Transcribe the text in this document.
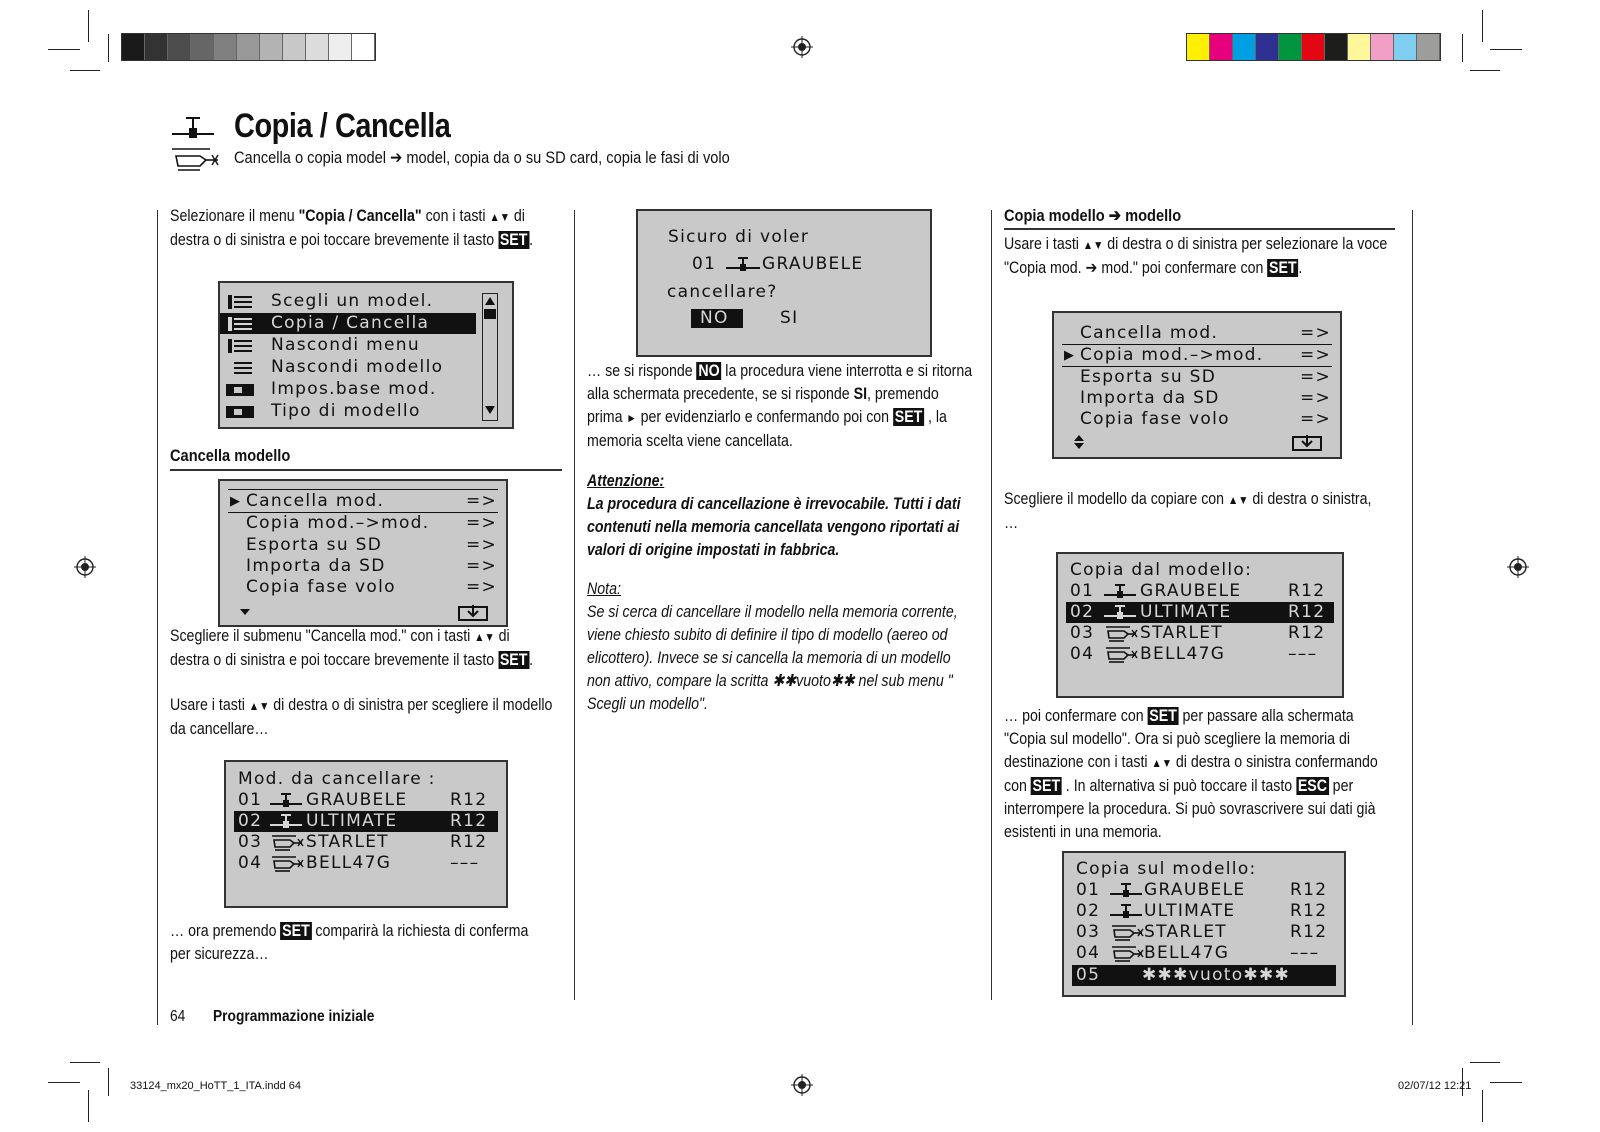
Copia / Cancella
Cancella o copia model ➔ model, copia da o su SD card, copia le fasi di volo

Selezionare il menu "Copia / Cancella" con i tasti ▲▼ di destra o di sinistra e poi toccare brevemente il tasto SET .

Scegli un model.
Copia / Cancella
Nascondi menu
Nascondi modello
Impos.base mod.
Tipo di modello
Cancella modello
▶ Cancella mod.	=>
Copia mod.–>mod. =>
Esporta su SD	=>
Importa da SD	=>
Copia fase volo	=>

Scegliere il submenu "Cancella mod." con i tasti ▲▼ di destra o di sinistra e poi toccare brevemente il tasto SET .

Usare i tasti ▲▼ di destra o di sinistra per scegliere il modello da cancellare…

Mod. da cancellare :
01	GRAUBELE	R12
02	ULTIMATE	R12
03	STARLET	R12
04	BELL47G	–––

… ora premendo SET comparirà la richiesta di conferma per sicurezza…

Sicuro di voler
01	GRAUBELE
cancellare?
NO	SI

… se si risponde NO la procedura viene interrotta e si ritorna alla schermata precedente, se si risponde SI, premendo prima ► per evidenziarlo e confermando poi con SET , la memoria scelta viene cancellata.

Attenzione:

La procedura di cancellazione è irrevocabile. Tutti i dati contenuti nella memoria cancellata vengono riportati ai valori di origine impostati in fabbrica.

Nota:

Se si cerca di cancellare il modello nella memoria corrente, viene chiesto subito di definire il tipo di modello (aereo od elicottero). Invece se si cancella la memoria di un modello non attivo, compare la scritta ✱✱vuoto✱✱ nel sub menu " Scegli un modello".

Copia modello ➔ modello

Usare i tasti ▲▼ di destra o di sinistra per selezionare la voce "Copia mod. ➔ mod." poi confermare con SET .

Cancella mod.	=>
▶ Copia mod.–>mod. =>
Esporta su SD	=>
Importa da SD	=>
Copia fase volo	=>

Scegliere il modello da copiare con ▲▼ di destra o sinistra, …

Copia dal modello:
01	GRAUBELE	R12
02	ULTIMATE	R12
03	STARLET	R12
04	BELL47G	–––

… poi confermare con SET per passare alla schermata "Copia sul modello". Ora si può scegliere la memoria di destinazione con i tasti ▲▼ di destra o sinistra confermando con SET . In alternativa si può toccare il tasto ESC per interrompere la procedura. Si può sovrascrivere sui dati già esistenti in una memoria.

Copia sul modello:
01	GRAUBELE	R12
02	ULTIMATE	R12
03	STARLET	R12
04	BELL47G	–––
05 ✱✱✱vuoto✱✱✱
64 Programmazione iniziale
33124_mx20_HoTT_1_ITA.indd 64	02/07/12 12:21
